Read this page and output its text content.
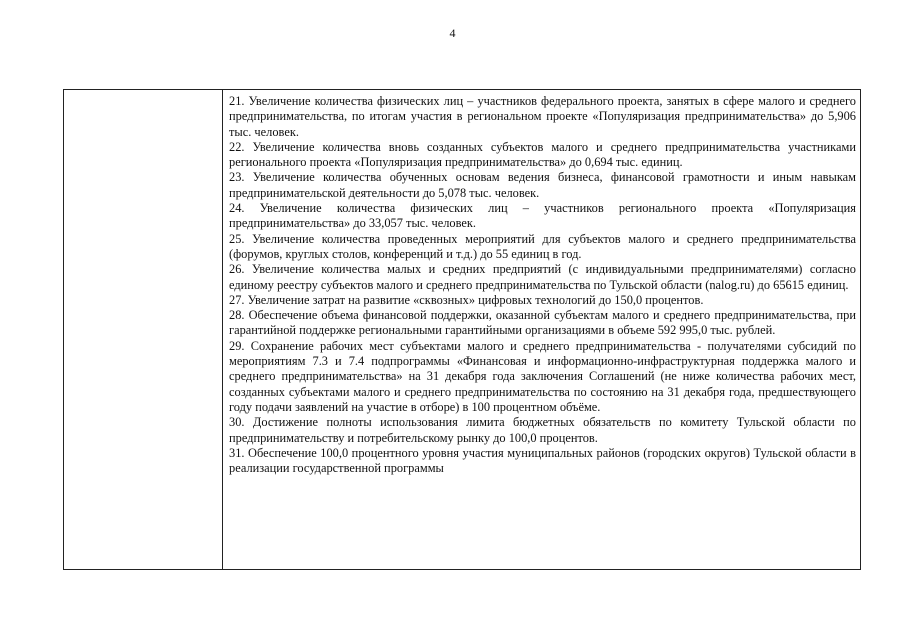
4

21. Увеличение количества физических лиц – участников федерального проекта, занятых в сфере малого и среднего предпринимательства, по итогам участия в региональном проекте «Популяризация предпринимательства» до 5,906 тыс. человек.

22. Увеличение количества вновь созданных субъектов малого и среднего предпринимательства участниками регионального проекта «Популяризация предпринимательства» до 0,694 тыс. единиц.

23. Увеличение количества обученных основам ведения бизнеса, финансовой грамотности и иным навыкам предпринимательской деятельности до 5,078 тыс. человек.

24. Увеличение количества физических лиц – участников регионального проекта «Популяризация предпринимательства» до 33,057 тыс. человек.

25. Увеличение количества проведенных мероприятий для субъектов малого и среднего предпринимательства (форумов, круглых столов, конференций и т.д.) до 55 единиц в год.

26. Увеличение количества малых и средних предприятий (с индивидуальными предпринимателями) согласно единому реестру субъектов малого и среднего предпринимательства по Тульской области (nalog.ru) до 65615 единиц.

27. Увеличение затрат на развитие «сквозных» цифровых технологий до 150,0 процентов.

28. Обеспечение объема финансовой поддержки, оказанной субъектам малого и среднего предпринимательства, при гарантийной поддержке региональными гарантийными организациями в объеме 592 995,0 тыс. рублей.

29. Сохранение рабочих мест субъектами малого и среднего предпринимательства - получателями субсидий по мероприятиям 7.3 и 7.4 подпрограммы «Финансовая и информационно-инфраструктурная поддержка малого и среднего предпринимательства» на 31 декабря года заключения Соглашений (не ниже количества рабочих мест, созданных субъектами малого и среднего предпринимательства по состоянию на 31 декабря года, предшествующего году подачи заявлений на участие в отборе) в 100 процентном объёме.

30. Достижение полноты использования лимита бюджетных обязательств по комитету Тульской области по предпринимательству и потребительскому рынку до 100,0 процентов.

31. Обеспечение 100,0 процентного уровня участия муниципальных районов (городских округов) Тульской области в реализации государственной программы
